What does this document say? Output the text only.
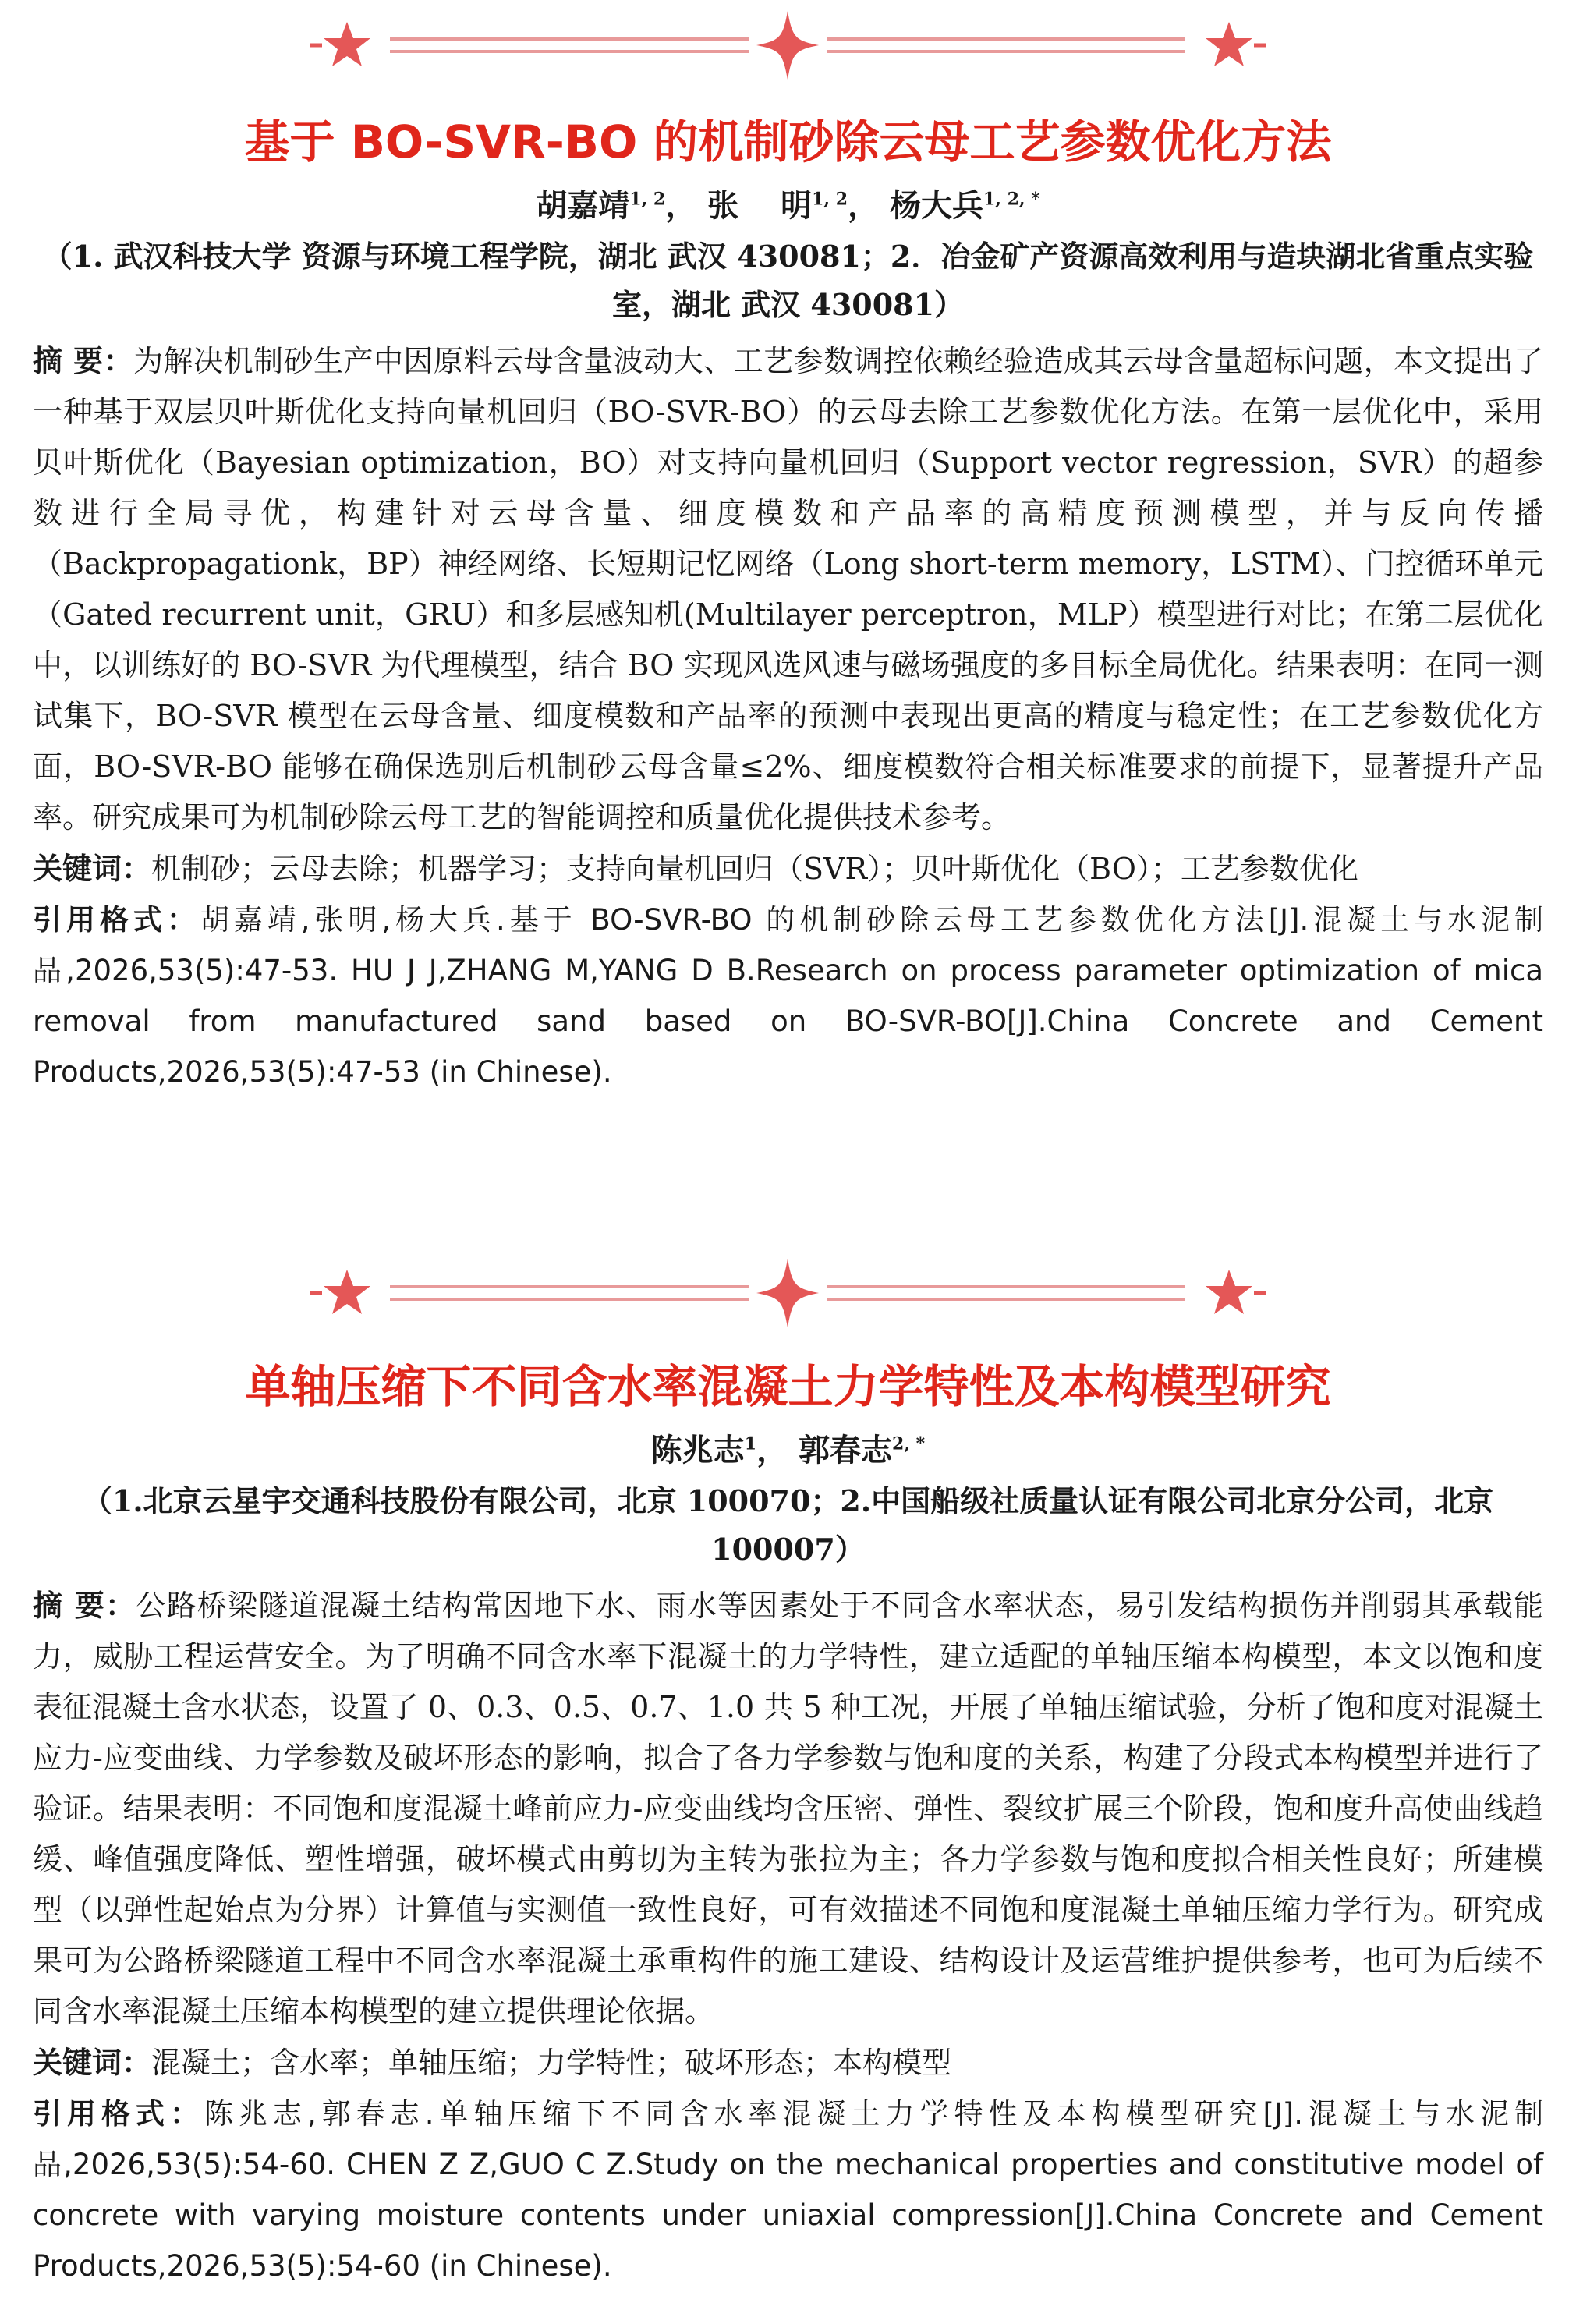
基于 BO-SVR-BO 的机制砂除云母工艺参数优化方法

胡嘉靖$^{1, 2}$， 张　 明$^{1, 2}$， 杨大兵$^{1, 2, *}$

（1. 武汉科技大学 资源与环境工程学院，湖北 武汉 430081；2．冶金矿产资源高效利用与造块湖北省重点实验室，湖北 武汉 430081）

摘 要：为解决机制砂生产中因原料云母含量波动大、工艺参数调控依赖经验造成其云母含量超标问题，本文提出了一种基于双层贝叶斯优化支持向量机回归（BO-SVR-BO）的云母去除工艺参数优化方法。在第一层优化中，采用贝叶斯优化（Bayesian optimization，BO）对支持向量机回归（Support vector regression，SVR）的超参数进行全局寻优，构建针对云母含量、细度模数和产品率的高精度预测模型，并与反向传播（Backpropagationk，BP）神经网络、长短期记忆网络（Long short-term memory，LSTM）、门控循环单元（Gated recurrent unit，GRU）和多层感知机(Multilayer perceptron，MLP）模型进行对比；在第二层优化中，以训练好的 BO-SVR 为代理模型，结合 BO 实现风选风速与磁场强度的多目标全局优化。结果表明：在同一测试集下，BO-SVR 模型在云母含量、细度模数和产品率的预测中表现出更高的精度与稳定性；在工艺参数优化方面，BO-SVR-BO 能够在确保选别后机制砂云母含量≤2%、细度模数符合相关标准要求的前提下，显著提升产品率。研究成果可为机制砂除云母工艺的智能调控和质量优化提供技术参考。

关键词：机制砂；云母去除；机器学习；支持向量机回归（SVR）；贝叶斯优化（BO）；工艺参数优化

引用格式：胡嘉靖,张明,杨大兵.基于 BO-SVR-BO 的机制砂除云母工艺参数优化方法[J].混凝土与水泥制品,2026,53(5):47-53. HU J J,ZHANG M,YANG D B.Research on process parameter optimization of mica removal from manufactured sand based on BO-SVR-BO[J].China Concrete and Cement Products,2026,53(5):47-53 (in Chinese).

单轴压缩下不同含水率混凝土力学特性及本构模型研究

陈兆志$^1$， 郭春志$^{2, *}$

（1.北京云星宇交通科技股份有限公司，北京 100070；2.中国船级社质量认证有限公司北京分公司，北京 100007）

摘 要：公路桥梁隧道混凝土结构常因地下水、雨水等因素处于不同含水率状态，易引发结构损伤并削弱其承载能力，威胁工程运营安全。为了明确不同含水率下混凝土的力学特性，建立适配的单轴压缩本构模型，本文以饱和度表征混凝土含水状态，设置了 0、0.3、0.5、0.7、1.0 共 5 种工况，开展了单轴压缩试验，分析了饱和度对混凝土应力-应变曲线、力学参数及破坏形态的影响，拟合了各力学参数与饱和度的关系，构建了分段式本构模型并进行了验证。结果表明：不同饱和度混凝土峰前应力-应变曲线均含压密、弹性、裂纹扩展三个阶段，饱和度升高使曲线趋缓、峰值强度降低、塑性增强，破坏模式由剪切为主转为张拉为主；各力学参数与饱和度拟合相关性良好；所建模型（以弹性起始点为分界）计算值与实测值一致性良好，可有效描述不同饱和度混凝土单轴压缩力学行为。研究成果可为公路桥梁隧道工程中不同含水率混凝土承重构件的施工建设、结构设计及运营维护提供参考，也可为后续不同含水率混凝土压缩本构模型的建立提供理论依据。

关键词：混凝土；含水率；单轴压缩；力学特性；破坏形态；本构模型

引用格式：陈兆志,郭春志.单轴压缩下不同含水率混凝土力学特性及本构模型研究[J].混凝土与水泥制品,2026,53(5):54-60. CHEN Z Z,GUO C Z.Study on the mechanical properties and constitutive model of concrete with varying moisture contents under uniaxial compression[J].China Concrete and Cement Products,2026,53(5):54-60 (in Chinese).
